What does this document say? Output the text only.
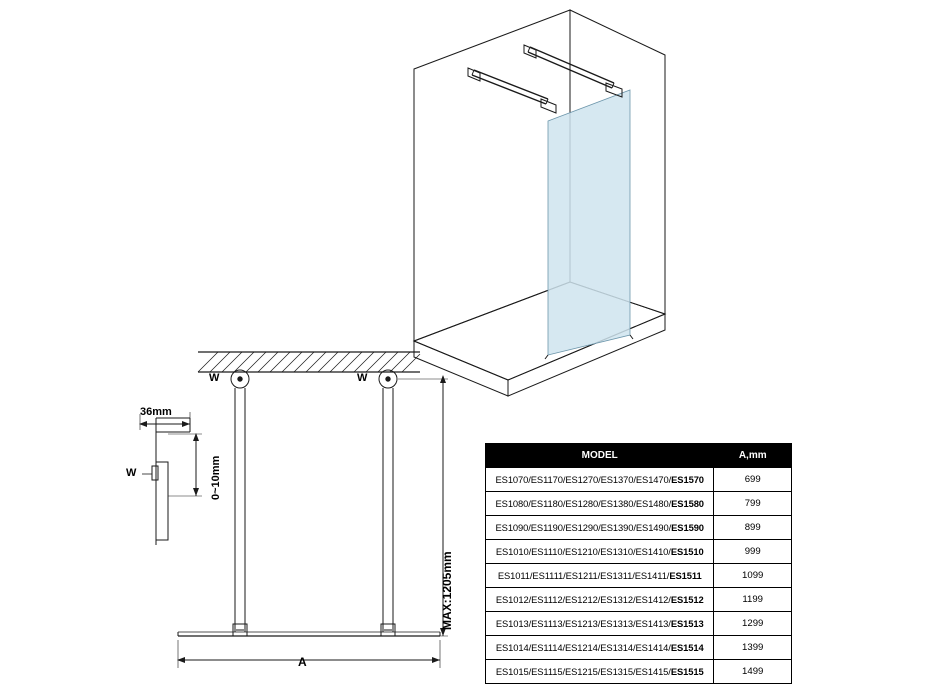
W	W
W
36mm
0~10mm
MAX:1205mm
A
MODEL	A,mm
ES1070/ES1170/ES1270/ES1370/ES1470/ES1570	699
ES1080/ES1180/ES1280/ES1380/ES1480/ES1580	799
ES1090/ES1190/ES1290/ES1390/ES1490/ES1590	899
ES1010/ES1110/ES1210/ES1310/ES1410/ES1510	999
ES1011/ES1111/ES1211/ES1311/ES1411/ES1511	1099
ES1012/ES1112/ES1212/ES1312/ES1412/ES1512	1199
ES1013/ES1113/ES1213/ES1313/ES1413/ES1513	1299
ES1014/ES1114/ES1214/ES1314/ES1414/ES1514	1399
ES1015/ES1115/ES1215/ES1315/ES1415/ES1515	1499
